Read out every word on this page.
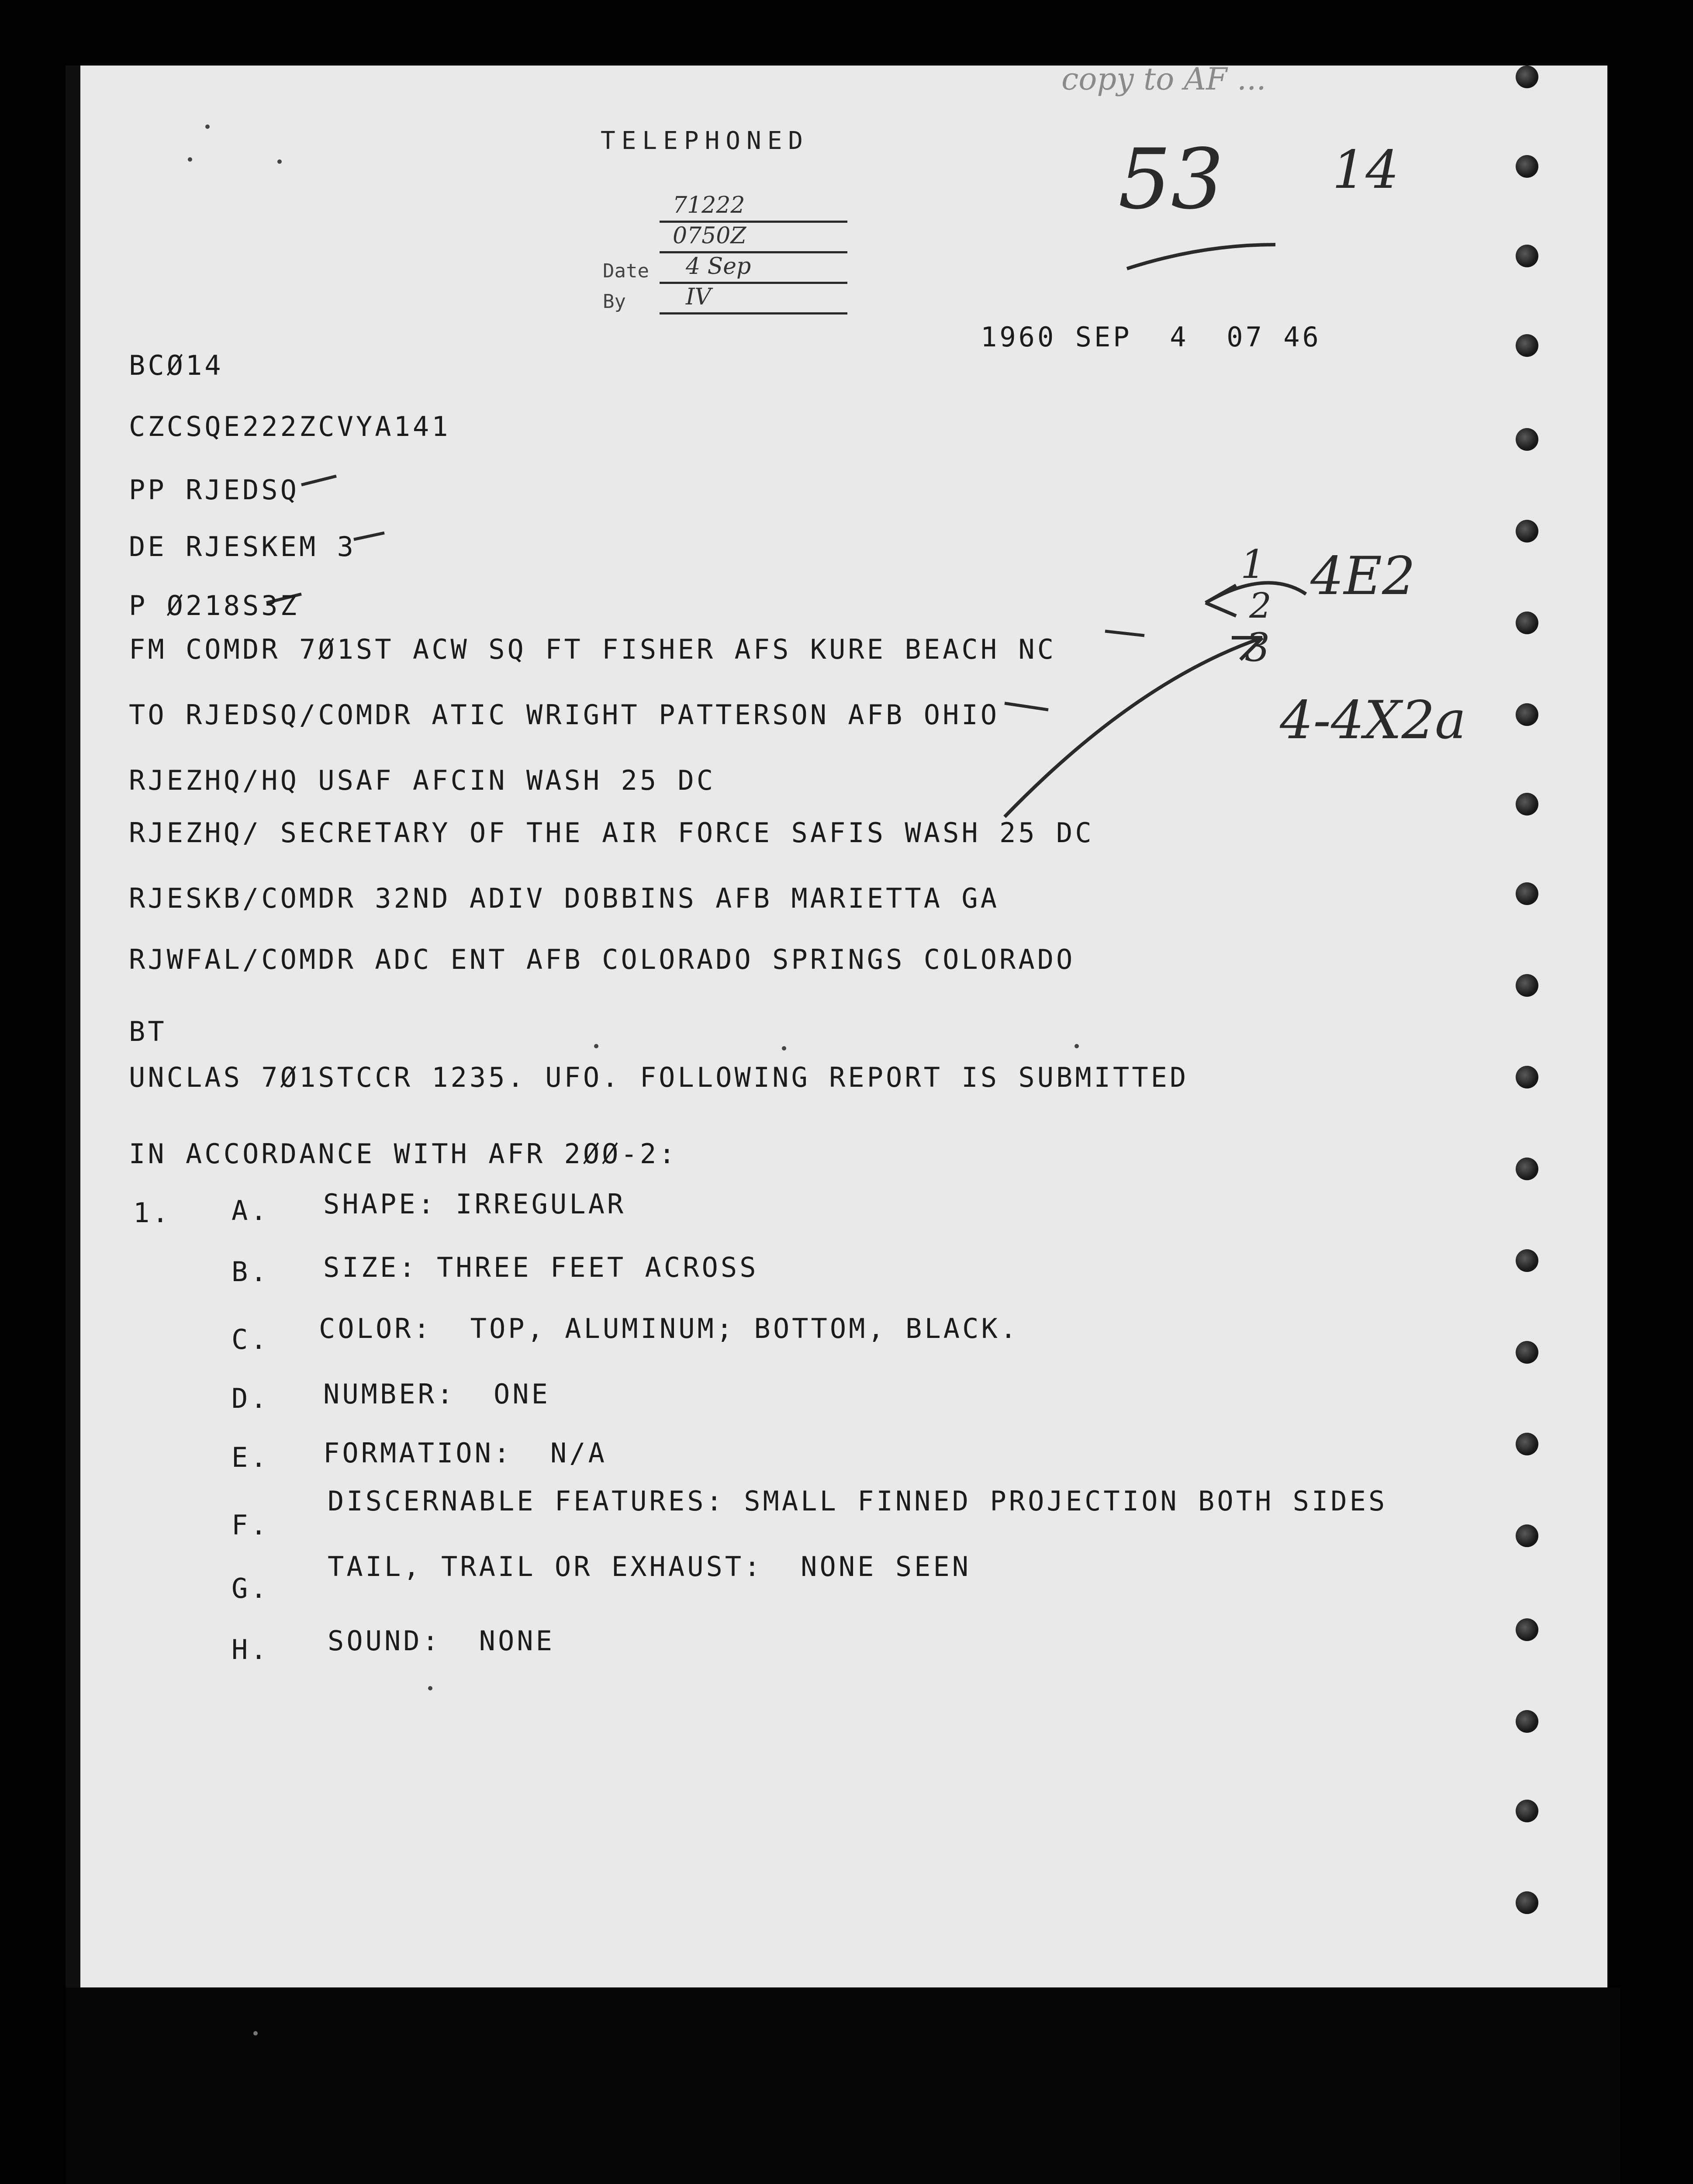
TELEPHONED
71222
0750Z
Date 4 Sep
By	IV
copy to AF ...
53 14
1
2
3
4E2
4-4X2a
1960 SEP  4  07 46
BCØ14
CZCSQE222ZCVYA141
PP RJEDSQ
DE RJESKEM 3
P Ø218S3Z
FM COMDR 7Ø1ST ACW SQ FT FISHER AFS KURE BEACH NC
TO RJEDSQ/COMDR ATIC WRIGHT PATTERSON AFB OHIO
RJEZHQ/HQ USAF AFCIN WASH 25 DC
RJEZHQ/ SECRETARY OF THE AIR FORCE SAFIS WASH 25 DC
RJESKB/COMDR 32ND ADIV DOBBINS AFB MARIETTA GA
RJWFAL/COMDR ADC ENT AFB COLORADO SPRINGS COLORADO
BT
UNCLAS 7Ø1STCCR 1235. UFO. FOLLOWING REPORT IS SUBMITTED
IN ACCORDANCE WITH AFR 2ØØ-2:
1. A. SHAPE: IRREGULAR
B. SIZE: THREE FEET ACROSS
C. COLOR:  TOP, ALUMINUM; BOTTOM, BLACK.
D. NUMBER:  ONE
E. FORMATION:  N/A
F.
DISCERNABLE FEATURES: SMALL FINNED PROJECTION BOTH SIDES
G.
TAIL, TRAIL OR EXHAUST:  NONE SEEN
H. SOUND:  NONE
